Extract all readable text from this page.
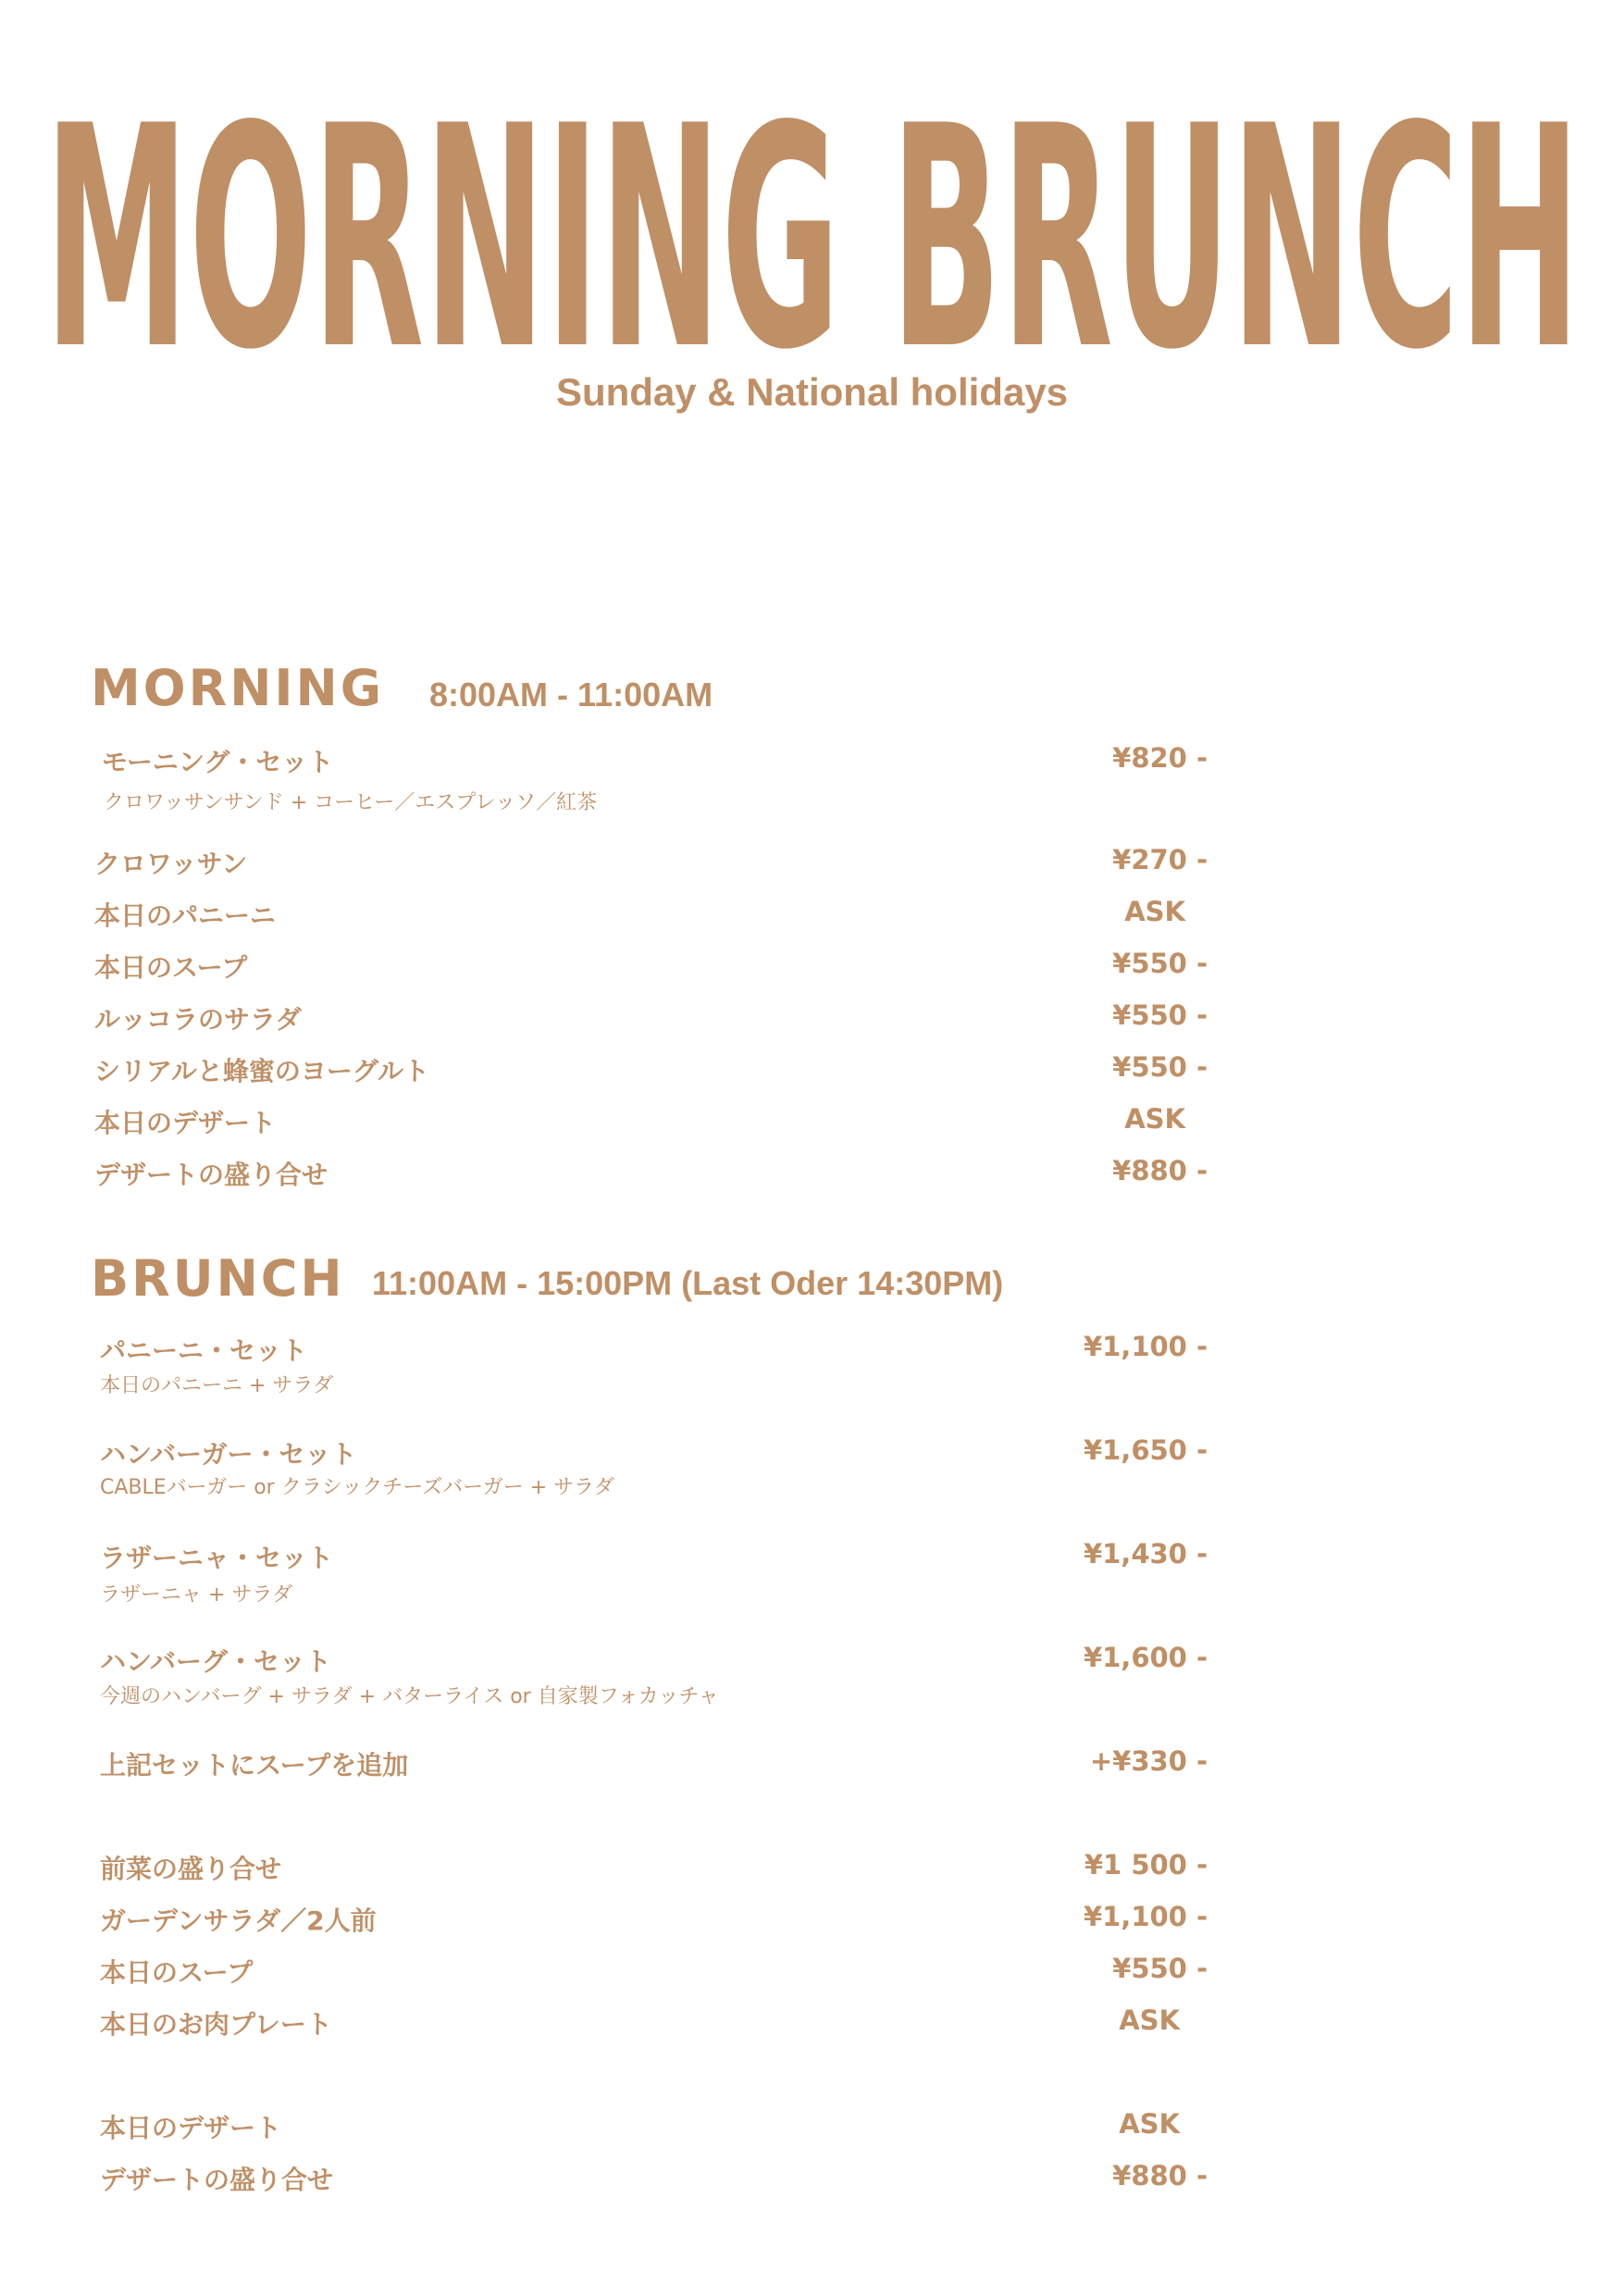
MORNING BRUNCH
Sunday & National holidays
MORNING 8:00AM - 11:00AM
モーニング・セット	¥820 -
クロワッサンサンド + コーヒー／エスプレッソ／紅茶
クロワッサン	¥270 -
本日のパニーニ	ASK
本日のスープ	¥550 -
ルッコラのサラダ	¥550 -
シリアルと蜂蜜のヨーグルト	¥550 -
本日のデザート	ASK
デザートの盛り合せ	¥880 -
BRUNCH 11:00AM - 15:00PM (Last Oder 14:30PM)
パニーニ・セット	¥1,100 -
本日のパニーニ + サラダ
ハンバーガー・セット	¥1,650 -
CABLEバーガー or クラシックチーズバーガー + サラダ
ラザーニャ・セット	¥1,430 -
ラザーニャ + サラダ
ハンバーグ・セット	¥1,600 -
今週のハンバーグ + サラダ + バターライス or 自家製フォカッチャ
上記セットにスープを追加	+¥330 -
前菜の盛り合せ	¥1 500 -
ガーデンサラダ／2人前	¥1,100 -
本日のスープ	¥550 -
本日のお肉プレート	ASK
本日のデザート	ASK
デザートの盛り合せ	¥880 -
